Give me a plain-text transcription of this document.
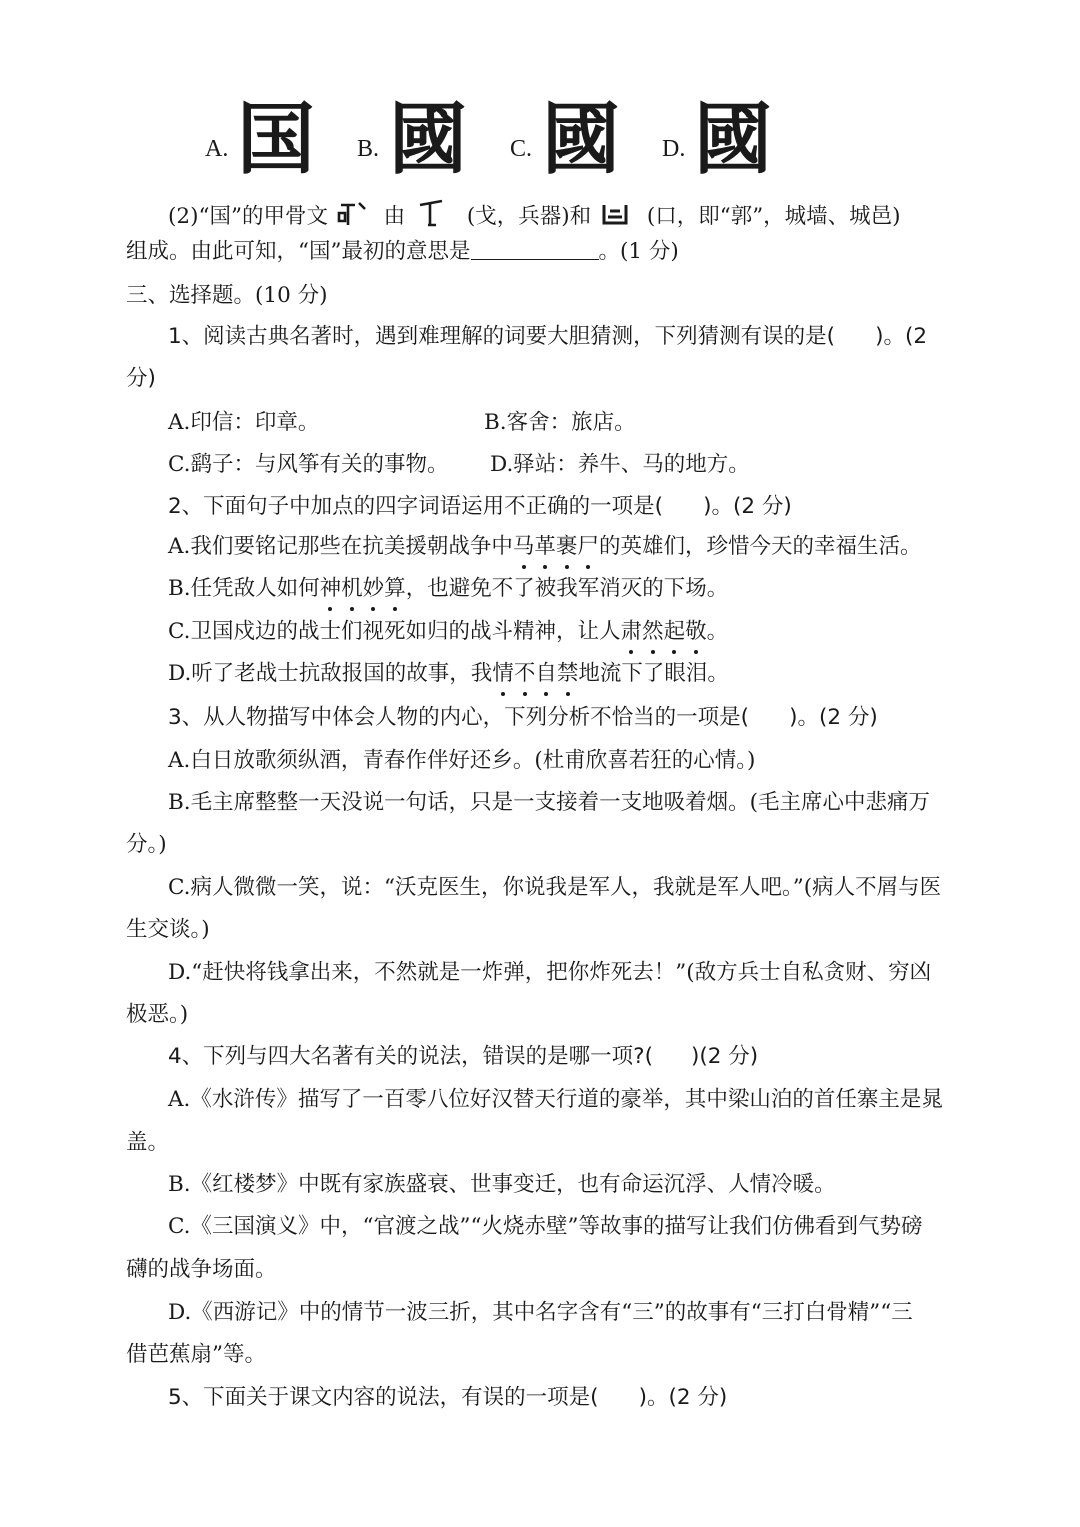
A. 国 B. 國 C. 國 D. 國
(2)“国”的甲骨文	由	(戈，兵器)和	(口，即“郭”，城墙、城邑)
组成。由此可知，“国”最初的意思是	。(1 分)
三、选择题。(10 分)
1、阅读古典名著时，遇到难理解的词要大胆猜测，下列猜测有误的是( )。(2
分)
A.印信：印章。	B.客舍：旅店。
C.鹞子：与风筝有关的事物。 D.驿站：养牛、马的地方。
2、下面句子中加点的四字词语运用不正确的一项是( )。(2 分)
A.我们要铭记那些在抗美援朝战争中马革裹尸的英雄们，珍惜今天的幸福生活。
B.任凭敌人如何神机妙算，也避免不了被我军消灭的下场。
C.卫国戍边的战士们视死如归的战斗精神，让人肃然起敬。
D.听了老战士抗敌报国的故事，我情不自禁地流下了眼泪。
3、从人物描写中体会人物的内心，下列分析不恰当的一项是( )。(2 分)
A.白日放歌须纵酒，青春作伴好还乡。(杜甫欣喜若狂的心情。)
B.毛主席整整一天没说一句话，只是一支接着一支地吸着烟。(毛主席心中悲痛万
分。)
C.病人微微一笑，说：“沃克医生，你说我是军人，我就是军人吧。”(病人不屑与医
生交谈。)
D.“赶快将钱拿出来，不然就是一炸弹，把你炸死去！”(敌方兵士自私贪财、穷凶
极恶。)
4、下列与四大名著有关的说法，错误的是哪一项?( )(2 分)
A.《水浒传》描写了一百零八位好汉替天行道的豪举，其中梁山泊的首任寨主是晁
盖。
B.《红楼梦》中既有家族盛衰、世事变迁，也有命运沉浮、人情冷暖。
C.《三国演义》中，“官渡之战”“火烧赤壁”等故事的描写让我们仿佛看到气势磅
礴的战争场面。
D.《西游记》中的情节一波三折，其中名字含有“三”的故事有“三打白骨精”“三
借芭蕉扇”等。
5、下面关于课文内容的说法，有误的一项是( )。(2 分)
